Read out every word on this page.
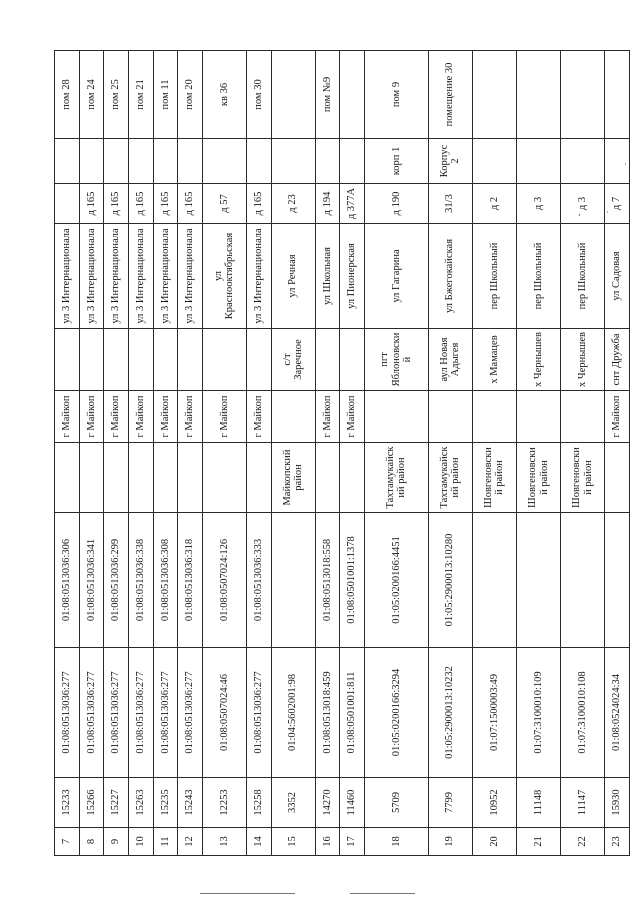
7	15233	01:08:0513036:277	01:08:0513036:306		г Майкоп		ул 3 Интернационала			пом 28
8	15266	01:08:0513036:277	01:08:0513036:341		г Майкоп		ул 3 Интернационала	д 165		пом 24
9	15227	01:08:0513036:277	01:08:0513036:299		г Майкоп		ул 3 Интернационала	д 165		пом 25
10	15263	01:08:0513036:277	01:08:0513036:338		г Майкоп		ул 3 Интернационала	д 165		пом 21
11	15235	01:08:0513036:277	01:08:0513036:308		г Майкоп		ул 3 Интернационала	д 165		пом 11
12	15243	01:08:0513036:277	01:08:0513036:318		г Майкоп		ул 3 Интернационала	д 165		пом 20
13	12253	01:08:0507024:46	01:08:0507024:126		г Майкоп		ул Краснооктябрьская	д 57		кв 36
14	15258	01:08:0513036:277	01:08:0513036:333		г Майкоп		ул 3 Интернационала	д 165		пом 30
15	3352	01:04:5602001:98		Майкопский район		с/т Заречное	ул Речная	д 23		
16	14270	01:08:0513018:459	01:08:0513018:558		г Майкоп		ул Школьная	д 194		пом №9
17	11460	01:08:0501001:811	01:08:0501001:1378		г Майкоп		ул Пионерская	д 377А		
18	5709	01:05:0200166:3294	01:05:0200166:4451	Тахтамукайский район		пгт Яблоновский	ул Гагарина	д 190	корп 1	пом 9
19	7799	01:05:2900013:10232	01:05:2900013:10280	Тахтамукайский район		аул Новая Адыгея	ул Бжегокайская	31/3	Корпус 2	помещение 30
20	10952	01:07:1500003:49		Шовгеновский район		х Мамацев	пер Школьный	д 2		
21	11148	01:07:3100010:109		Шовгеновский район		х Чернышев	пер Школьный	д 3		
22	11147	01:07:3100010:108		Шовгеновский район		х Чернышев	пер Школьный	д 3		
23	15930	01:08:0524024:34			г Майкоп	снт Дружба	ул Садовая	д 7		
·
·
,
